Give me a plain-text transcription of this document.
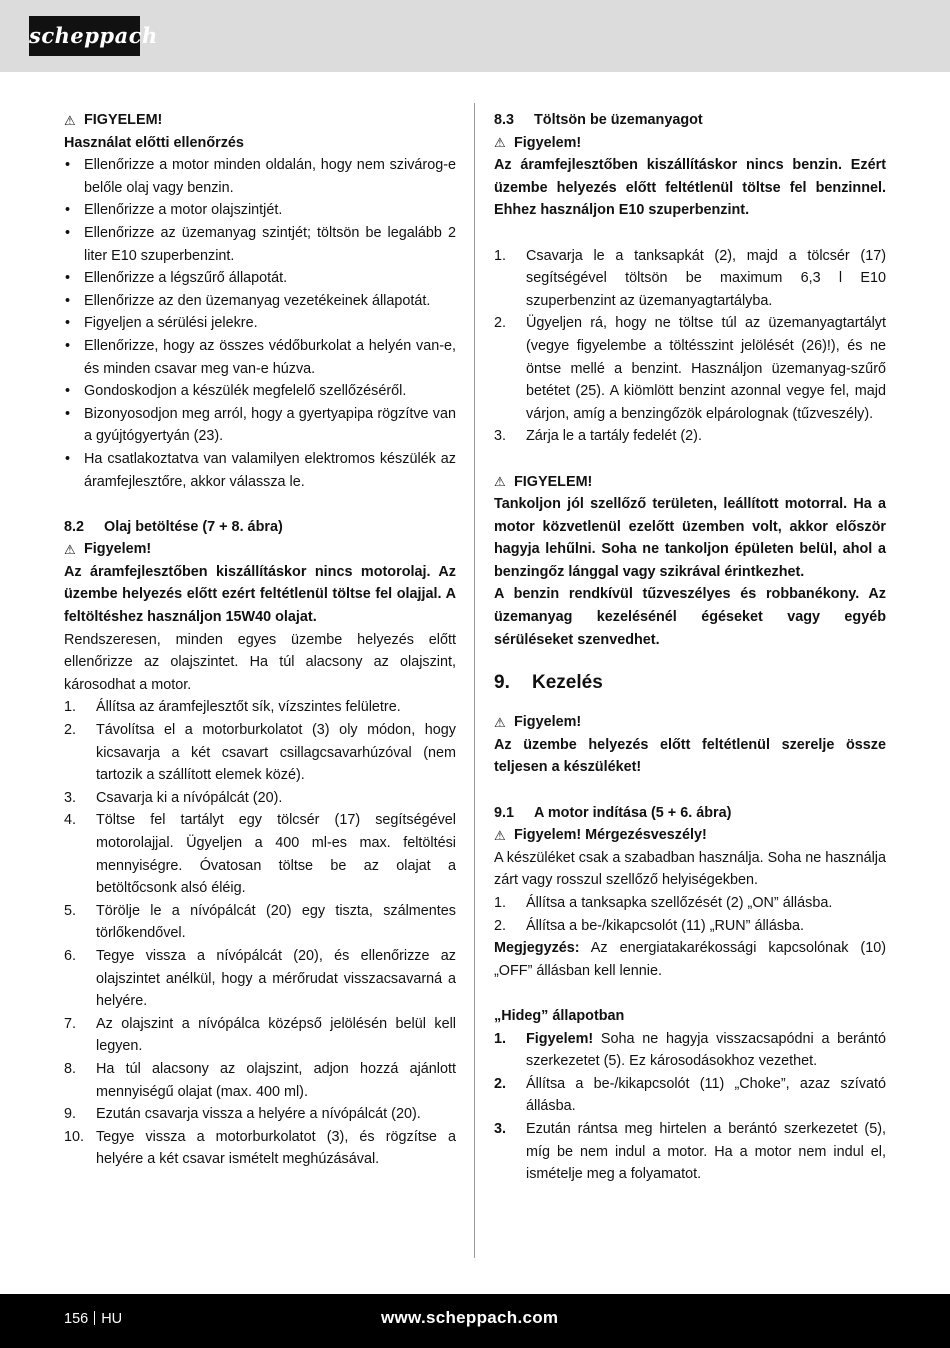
scheppach
⚠ FIGYELEM!
Használat előtti ellenőrzés
• Ellenőrizze a motor minden oldalán, hogy nem szivárog-e belőle olaj vagy benzin.
• Ellenőrizze a motor olajszintjét.
• Ellenőrizze az üzemanyag szintjét; töltsön be legalább 2 liter E10 szuperbenzint.
• Ellenőrizze a légszűrő állapotát.
• Ellenőrizze az den üzemanyag vezetékeinek állapotát.
• Figyeljen a sérülési jelekre.
• Ellenőrizze, hogy az összes védőburkolat a helyén van-e, és minden csavar meg van-e húzva.
• Gondoskodjon a készülék megfelelő szellőzéséről.
• Bizonyosodjon meg arról, hogy a gyertyapipa rögzítve van a gyújtógyertyán (23).
• Ha csatlakoztatva van valamilyen elektromos készülék az áramfejlesztőre, akkor válassza le.
8.2	Olaj betöltése (7 + 8. ábra)
⚠ Figyelem!
Az áramfejlesztőben kiszállításkor nincs motorolaj. Az üzembe helyezés előtt ezért feltétlenül töltse fel olajjal. A feltöltéshez használjon 15W40 olajat.
Rendszeresen, minden egyes üzembe helyezés előtt ellenőrizze az olajszintet. Ha túl alacsony az olajszint, károsodhat a motor.
1.	Állítsa az áramfejlesztőt sík, vízszintes felületre.
2.	Távolítsa el a motorburkolatot (3) oly módon, hogy kicsavarja a két csavart csillagcsavarhúzóval (nem tartozik a szállított elemek közé).
3.	Csavarja ki a nívópálcát (20).
4.	Töltse fel tartályt egy tölcsér (17) segítségével motorolajjal. Ügyeljen a 400 ml-es max. feltöltési mennyiségre. Óvatosan töltse be az olajat a betöltőcsonk alsó éléig.
5.	Törölje le a nívópálcát (20) egy tiszta, szálmentes törlőkendővel.
6.	Tegye vissza a nívópálcát (20), és ellenőrizze az olajszintet anélkül, hogy a mérőrudat visszacsavarná a helyére.
7.	Az olajszint a nívópálca középső jelölésén belül kell legyen.
8.	Ha túl alacsony az olajszint, adjon hozzá ajánlott mennyiségű olajat (max. 400 ml).
9.	Ezután csavarja vissza a helyére a nívópálcát (20).
10. Tegye vissza a motorburkolatot (3), és rögzítse a helyére a két csavar ismételt meghúzásával.
8.3	Töltsön be üzemanyagot
⚠ Figyelem!
Az áramfejlesztőben kiszállításkor nincs benzin. Ezért üzembe helyezés előtt feltétlenül töltse fel benzinnel. Ehhez használjon E10 szuperbenzint.
1.	Csavarja le a tanksapkát (2), majd a tölcsér (17) segítségével töltsön be maximum 6,3 l E10 szuperbenzint az üzemanyagtartályba.
2.	Ügyeljen rá, hogy ne töltse túl az üzemanyagtartályt (vegye figyelembe a töltésszint jelölését (26)!), és ne öntse mellé a benzint. Használjon üzemanyag-szűrő betétet (25). A kiömlött benzint azonnal vegye fel, majd várjon, amíg a benzingőzök elpárolognak (tűzveszély).
3.	Zárja le a tartály fedelét (2).
⚠ FIGYELEM!
Tankoljon jól szellőző területen, leállított motorral. Ha a motor közvetlenül ezelőtt üzemben volt, akkor először hagyja lehűlni. Soha ne tankoljon épületen belül, ahol a benzingőz lánggal vagy szikrával érintkezhet.
A benzin rendkívül tűzveszélyes és robbanékony. Az üzemanyag kezelésénél égéseket vagy egyéb sérüléseket szenvedhet.
9.	Kezelés
⚠ Figyelem!
Az üzembe helyezés előtt feltétlenül szerelje össze teljesen a készüléket!
9.1	A motor indítása (5 + 6. ábra)
⚠ Figyelem! Mérgezésveszély!
A készüléket csak a szabadban használja. Soha ne használja zárt vagy rosszul szellőző helyiségekben.
1.	Állítsa a tanksapka szellőzését (2) „ON” állásba.
2.	Állítsa a be-/kikapcsolót (11) „RUN” állásba.
Megjegyzés: Az energiatakarékossági kapcsolónak (10) „OFF” állásban kell lennie.
„Hideg” állapotban
1.	Figyelem! Soha ne hagyja visszacsapódni a berántó szerkezetet (5). Ez károsodásokhoz vezethet.
2.	Állítsa a be-/kikapcsolót (11) „Choke”, azaz szívató állásba.
3.	Ezután rántsa meg hirtelen a berántó szerkezetet (5), míg be nem indul a motor. Ha a motor nem indul el, ismételje meg a folyamatot.
156 HU	www.scheppach.com
